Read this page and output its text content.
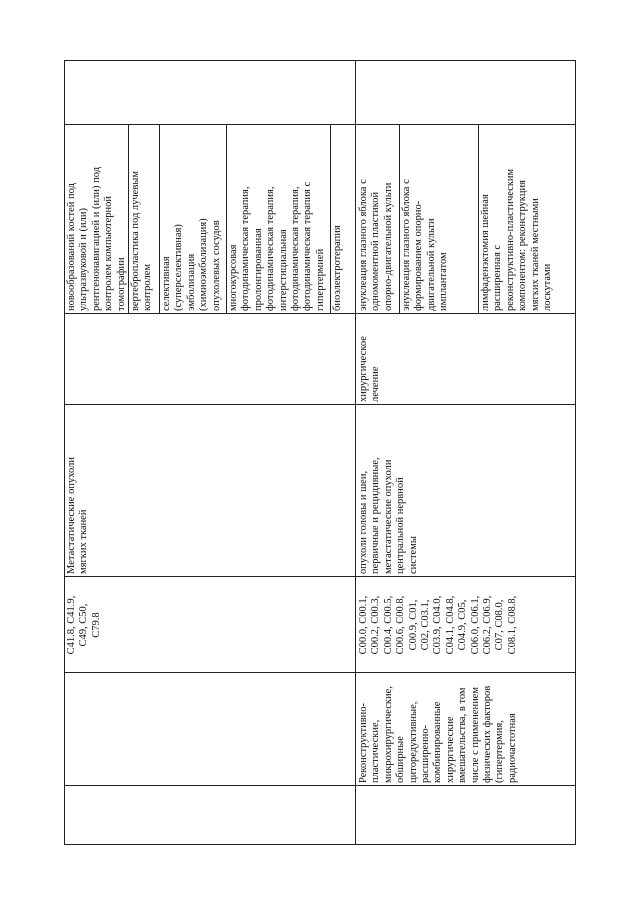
C41.8, C41.9, C49, C50, C79.8
Метастатические опухоли мягких тканей
новообразований костей под ультразвуковой и (или) рентгенонавигацией и (или) под контролем компьютерной томографии вертебропластика под лучевым контролем селективная (суперселективная) эмболизация (химиоэмболизация) опухолевых сосудов многокурсовая фотодинамическая терапия, пролонгированная фотодинамическая терапия, интерстициальная фотодинамическая терапия, фотодинамическая терапия с гипертермией биоэлектротерапия
Реконструктивно- пластические, микрохирургические, обширные циторедуктивные, расширенно- комбинированные хирургические вмешательства, в том числе с применением физических факторов (гипертермия, радиочастотная
C00.0, C00.1, C00.2, C00.3, C00.4, C00.5, C00.6, C00.8, C00.9, C01, C02, C03.1, C03.9, C04.0, C04.1, C04.8, C04.9, C05, C06.0, C06.1, C06.2, C06.9, C07, C08.0, C08.1, C08.8,
опухоли головы и шеи, первичные и рецидивные, метастатические опухоли центральной нервной системы
хирургическое лечение
энуклеация глазного яблока с одномоментной пластикой опорно-двигательной культи энуклеация глазного яблока с формированием опорно- двигательной культи имплантатом	лимфаденэктомия шейная расширенная с реконструктивно-пластическим компонентом: реконструкция мягких тканей местными лоскутами
